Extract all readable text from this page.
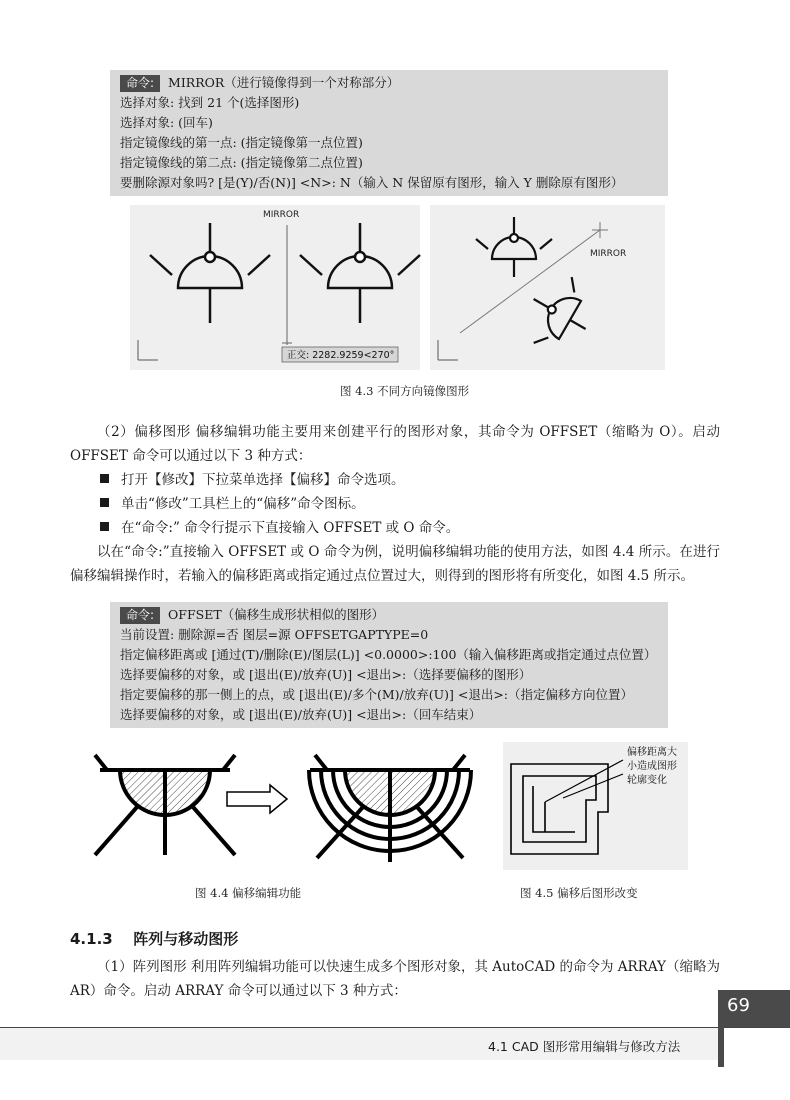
命令: MIRROR（进行镜像得到一个对称部分）
选择对象: 找到 21 个(选择图形)
选择对象: (回车)
指定镜像线的第一点: (指定镜像第一点位置)
指定镜像线的第二点: (指定镜像第二点位置)
要删除源对象吗? [是(Y)/否(N)] <N>: N（输入 N 保留原有图形，输入 Y 删除原有图形）
MIRROR
正交: 2282.9259<270°
MIRROR
图 4.3 不同方向镜像图形
（2）偏移图形 偏移编辑功能主要用来创建平行的图形对象，其命令为 OFFSET（缩略为 O）。启动 OFFSET 命令可以通过以下 3 种方式：
打开【修改】下拉菜单选择【偏移】命令选项。
单击“修改”工具栏上的“偏移”命令图标。
在“命令:” 命令行提示下直接输入 OFFSET 或 O 命令。
以在“命令:”直接输入 OFFSET 或 O 命令为例，说明偏移编辑功能的使用方法，如图 4.4 所示。在进行偏移编辑操作时，若输入的偏移距离或指定通过点位置过大，则得到的图形将有所变化，如图 4.5 所示。
命令: OFFSET（偏移生成形状相似的图形）
当前设置: 删除源=否 图层=源 OFFSETGAPTYPE=0
指定偏移距离或 [通过(T)/删除(E)/图层(L)] <0.0000>:100（输入偏移距离或指定通过点位置）
选择要偏移的对象，或 [退出(E)/放弃(U)] <退出>:（选择要偏移的图形）
指定要偏移的那一侧上的点，或 [退出(E)/多个(M)/放弃(U)] <退出>:（指定偏移方向位置）
选择要偏移的对象，或 [退出(E)/放弃(U)] <退出>:（回车结束）
偏移距离大
小造成图形
轮廓变化
图 4.4 偏移编辑功能	图 4.5 偏移后图形改变
4.1.3 阵列与移动图形
（1）阵列图形 利用阵列编辑功能可以快速生成多个图形对象，其 AutoCAD 的命令为 ARRAY（缩略为 AR）命令。启动 ARRAY 命令可以通过以下 3 种方式：
4.1 CAD 图形常用编辑与修改方法
69
